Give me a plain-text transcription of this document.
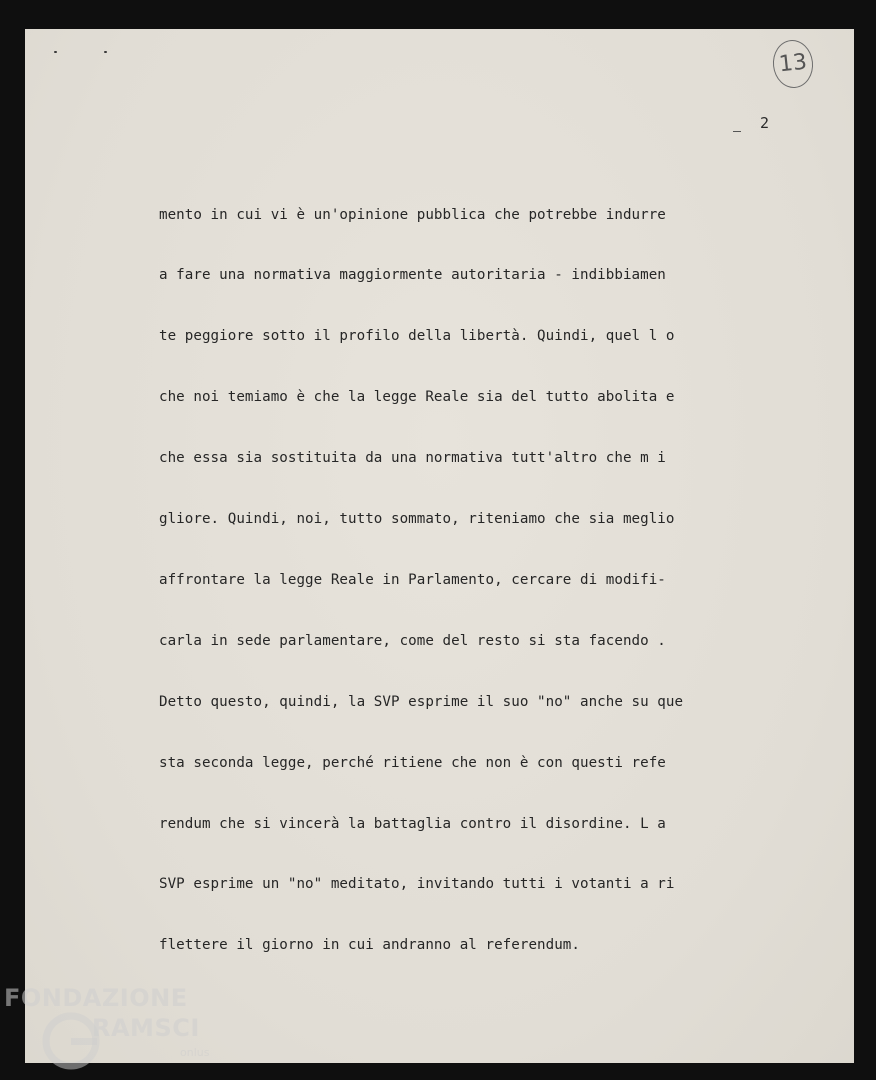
13
2

mento in cui vi è un'opinione pubblica che potrebbe indurre

a fare una normativa maggiormente autoritaria - indibbiamen

te peggiore sotto il profilo della libertà. Quindi, quel l o

che noi temiamo è che la legge Reale sia del tutto abolita e

che essa sia sostituita da una normativa tutt'altro che m i

gliore. Quindi, noi, tutto sommato, riteniamo che sia meglio

affrontare la legge Reale in Parlamento, cercare di modifi-

carla in sede parlamentare, come del resto si sta facendo .

Detto questo, quindi, la SVP esprime il suo "no" anche su que

sta seconda legge, perché ritiene che non è con questi refe

rendum che si vincerà la battaglia contro il disordine. L a

SVP esprime un "no" meditato, invitando tutti i votanti a ri

flettere il giorno in cui andranno al referendum.

FONDAZIONE
RAMSCI
onlus
